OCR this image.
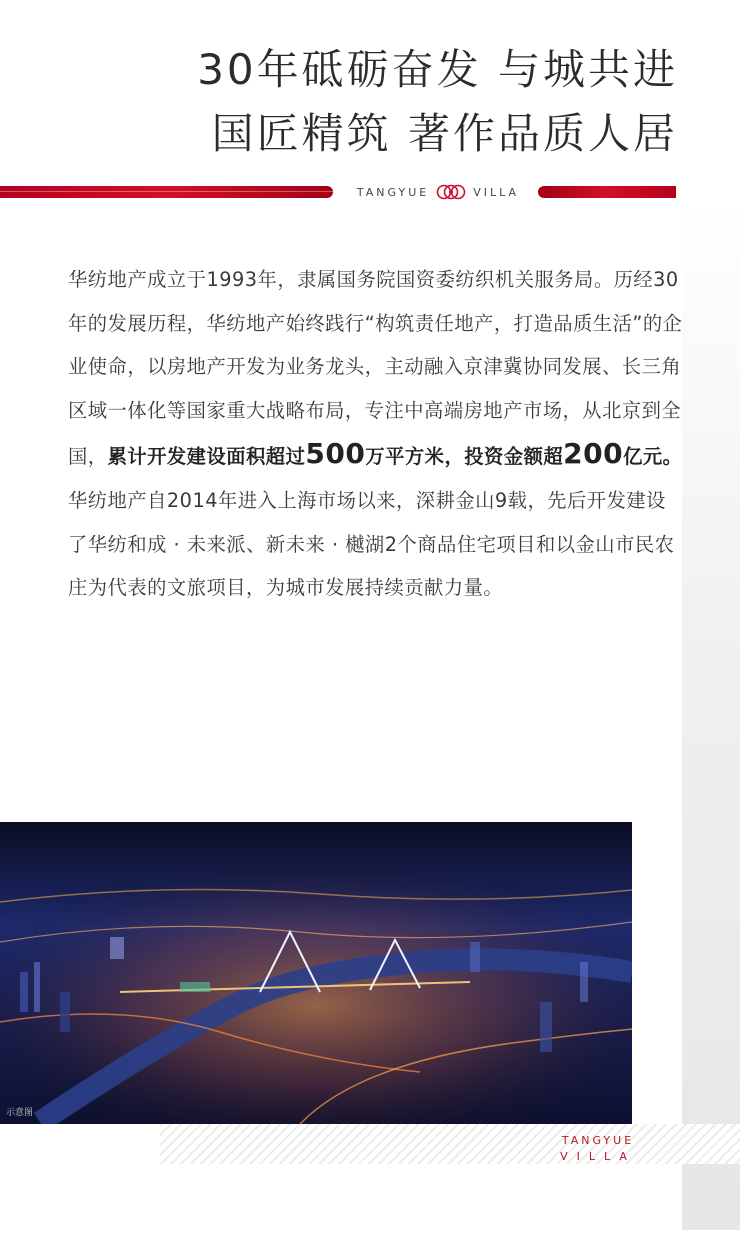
30年砥砺奋发 与城共进
国匠精筑 著作品质人居
TANGYUE	VILLA

华纺地产成立于1993年，隶属国务院国资委纺织机关服务局。历经30年的发展历程，华纺地产始终践行“构筑责任地产，打造品质生活”的企业使命，以房地产开发为业务龙头，主动融入京津冀协同发展、长三角区域一体化等国家重大战略布局，专注中高端房地产市场，从北京到全国，累计开发建设面积超过500万平方米，投资金额超200亿元。

华纺地产自2014年进入上海市场以来，深耕金山9载，先后开发建设了华纺和成 · 未来派、新未来 · 樾湖2个商品住宅项目和以金山市民农庄为代表的文旅项目，为城市发展持续贡献力量。

示意图
TANGYUE
VILLA
